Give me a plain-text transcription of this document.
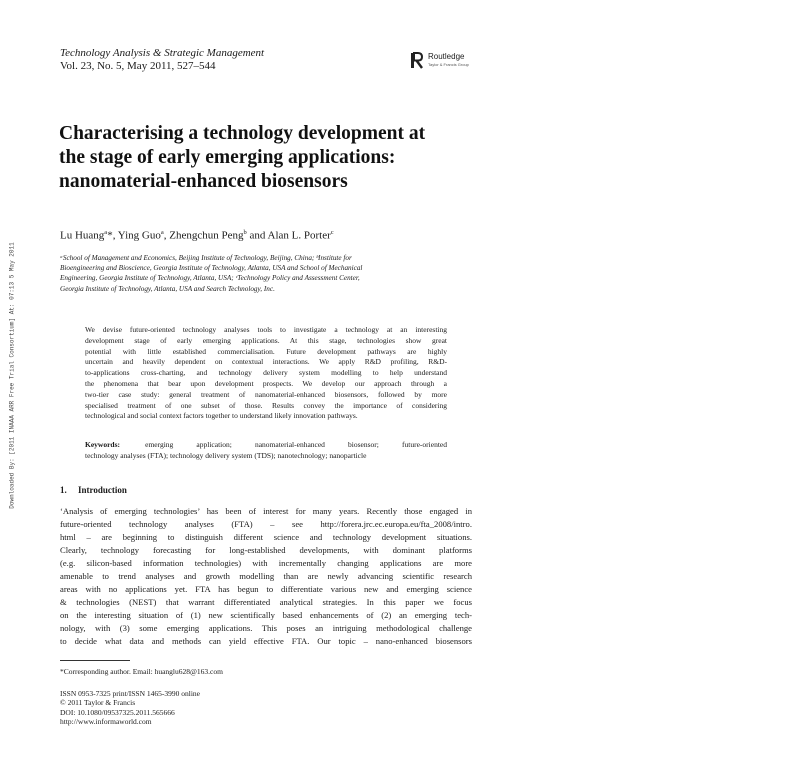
Downloaded By: [2011 INAAA ARR Free Trial Consortium] At: 07:13 5 May 2011
Technology Analysis & Strategic Management
Vol. 23, No. 5, May 2011, 527–544
Routledge
Taylor & Francis Group
Characterising a technology development at
the stage of early emerging applications:
nanomaterial-enhanced biosensors
Lu Huang$^a$*, Ying Guo$^a$, Zhengchun Peng$^b$ and Alan L. Porter$^c$
ᵃSchool of Management and Economics, Beijing Institute of Technology, Beijing, China; ᵇInstitute for
Bioengineering and Bioscience, Georgia Institute of Technology, Atlanta, USA and School of Mechanical
Engineering, Georgia Institute of Technology, Atlanta, USA; ᶜTechnology Policy and Assessment Center,
Georgia Institute of Technology, Atlanta, USA and Search Technology, Inc.
We devise future-oriented technology analyses tools to investigate a technology at an interesting
development stage of early emerging applications. At this stage, technologies show great
potential with little established commercialisation. Future development pathways are highly
uncertain and heavily dependent on contextual interactions. We apply R&D profiling, R&D-
to-applications cross-charting, and technology delivery system modelling to help understand
the phenomena that bear upon development prospects. We develop our approach through a
two-tier case study: general treatment of nanomaterial-enhanced biosensors, followed by more
specialised treatment of one subset of those. Results convey the importance of considering
technological and social context factors together to understand likely innovation pathways.
Keywords:	emerging application; nanomaterial-enhanced biosensor; future-oriented
technology analyses (FTA); technology delivery system (TDS); nanotechnology; nanoparticle
1. Introduction
‘Analysis of emerging technologies’ has been of interest for many years. Recently those engaged in
future-oriented technology analyses (FTA) – see http://forera.jrc.ec.europa.eu/fta_2008/intro.
html – are beginning to distinguish different science and technology development situations.
Clearly, technology forecasting for long-established developments, with dominant platforms
(e.g. silicon-based information technologies) with incrementally changing applications are more
amenable to trend analyses and growth modelling than are newly advancing scientific research
areas with no applications yet. FTA has begun to differentiate various new and emerging science
& technologies (NEST) that warrant differentiated analytical strategies. In this paper we focus
on the interesting situation of (1) new scientifically based enhancements of (2) an emerging tech-
nology, with (3) some emerging applications. This poses an intriguing methodological challenge
to decide what data and methods can yield effective FTA. Our topic – nano-enhanced biosensors
*Corresponding author. Email: huanglu628@163.com
ISSN 0953-7325 print/ISSN 1465-3990 online
© 2011 Taylor & Francis
DOI: 10.1080/09537325.2011.565666
http://www.informaworld.com
